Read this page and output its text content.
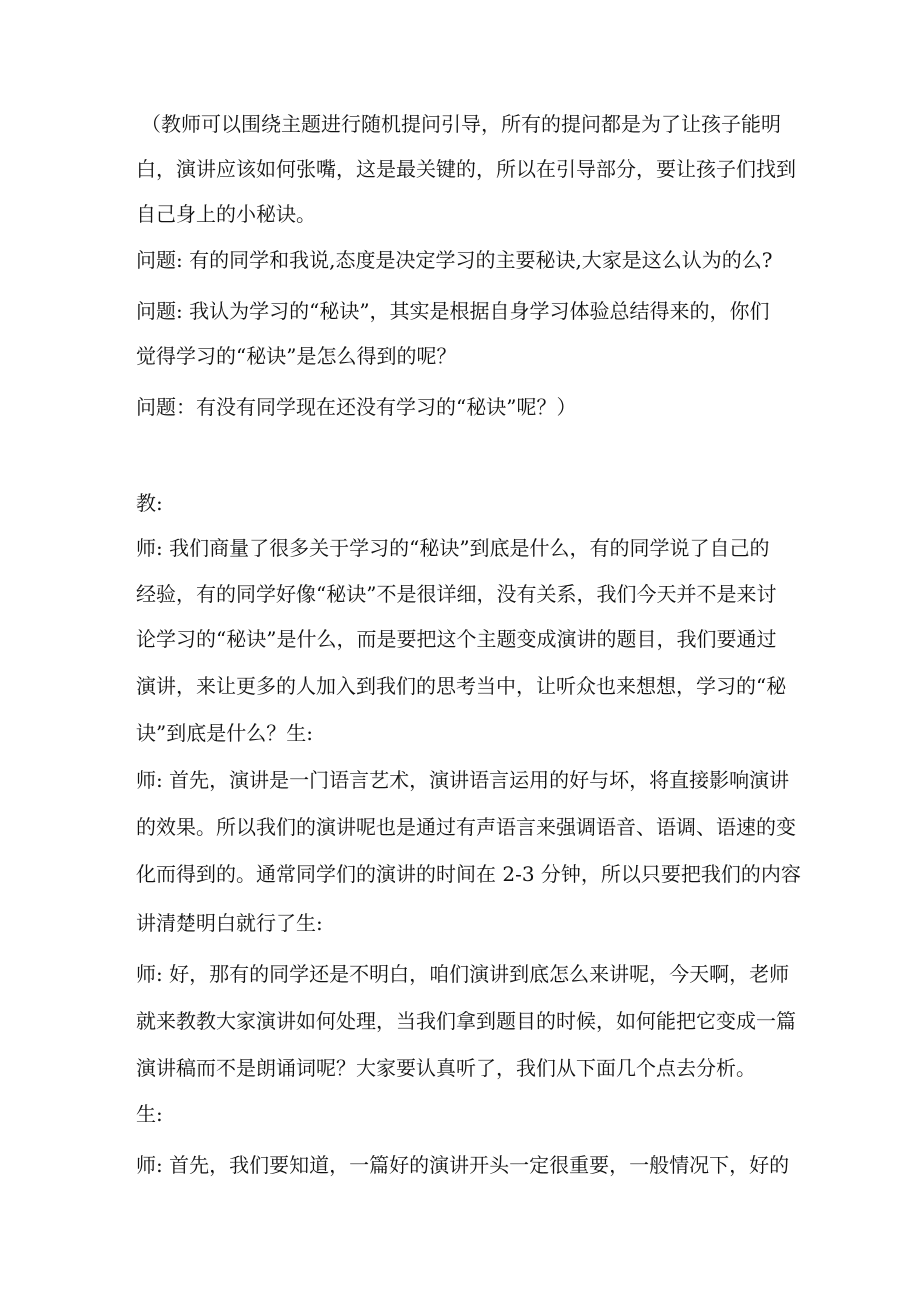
（教师可以围绕主题进行随机提问引导，所有的提问都是为了让孩子能明
白，演讲应该如何张嘴，这是最关键的，所以在引导部分，要让孩子们找到
自己身上的小秘诀。
问题: 有的同学和我说,态度是决定学习的主要秘诀,大家是这么认为的么?
问题: 我认为学习的“秘诀”，其实是根据自身学习体验总结得来的，你们
觉得学习的“秘诀”是怎么得到的呢？
问题：有没有同学现在还没有学习的“秘诀”呢？）
教:
师: 我们商量了很多关于学习的“秘诀”到底是什么，有的同学说了自己的
经验，有的同学好像“秘诀”不是很详细，没有关系，我们今天并不是来讨
论学习的“秘诀”是什么，而是要把这个主题变成演讲的题目，我们要通过
演讲，来让更多的人加入到我们的思考当中，让听众也来想想，学习的“秘
诀”到底是什么？生:
师: 首先，演讲是一门语言艺术，演讲语言运用的好与坏，将直接影响演讲
的效果。所以我们的演讲呢也是通过有声语言来强调语音、语调、语速的变
化而得到的。通常同学们的演讲的时间在 2-3 分钟，所以只要把我们的内容
讲清楚明白就行了生:
师: 好，那有的同学还是不明白，咱们演讲到底怎么来讲呢，今天啊，老师
就来教教大家演讲如何处理，当我们拿到题目的时候，如何能把它变成一篇
演讲稿而不是朗诵词呢？大家要认真听了，我们从下面几个点去分析。
生:
师: 首先，我们要知道，一篇好的演讲开头一定很重要，一般情况下，好的
